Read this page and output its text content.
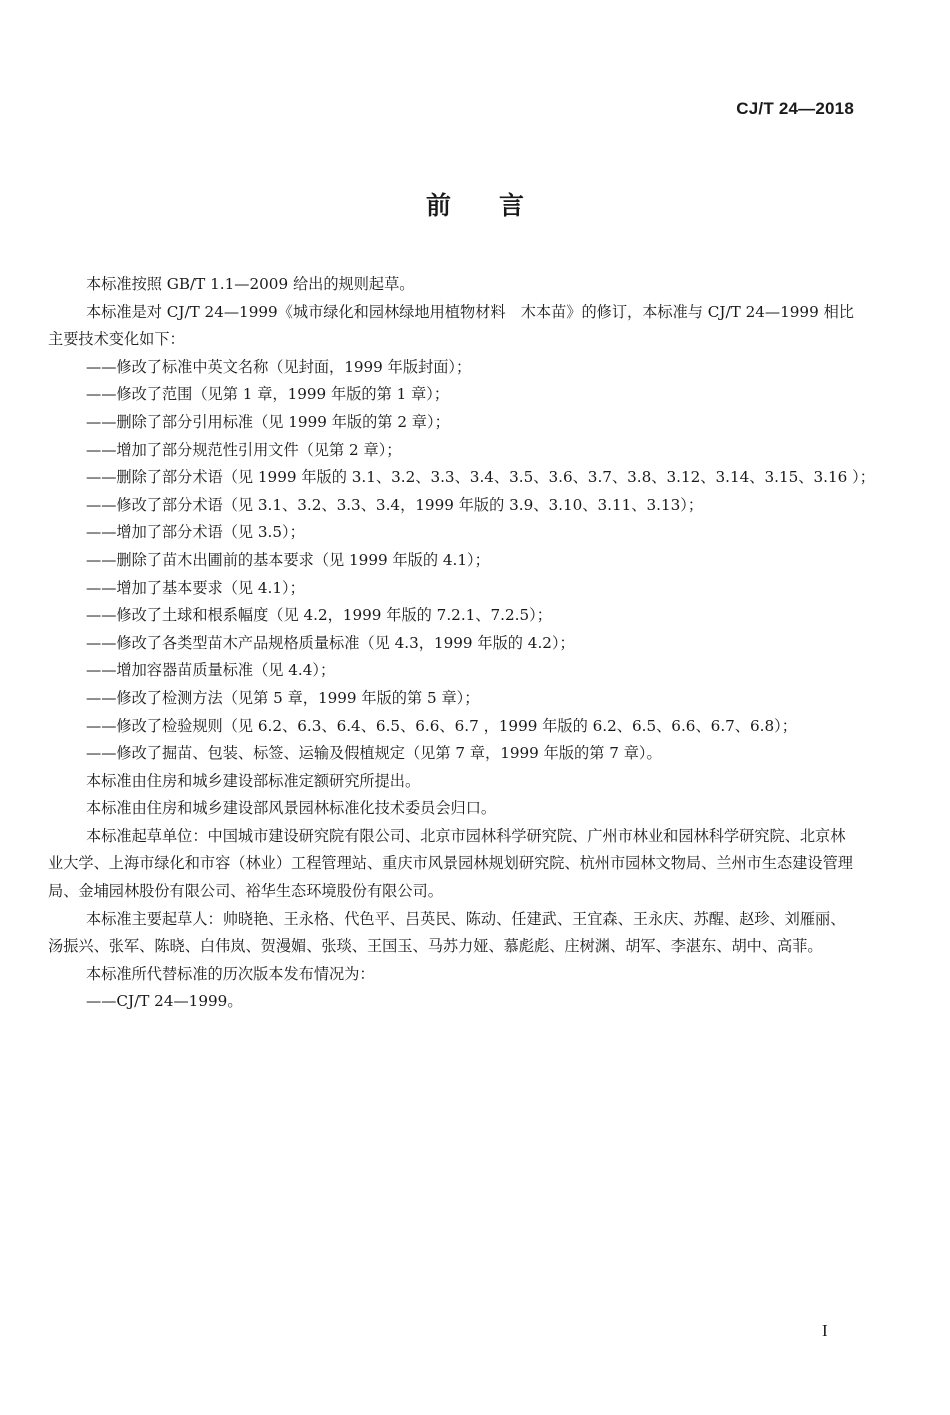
CJ/T 24—2018
前言

本标准按照 GB/T 1.1—2009 给出的规则起草。

本标准是对 CJ/T 24—1999《城市绿化和园林绿地用植物材料　木本苗》的修订，本标准与 CJ/T 24—1999 相比主要技术变化如下：

——修改了标准中英文名称（见封面，1999 年版封面）；

——修改了范围（见第 1 章，1999 年版的第 1 章）；

——删除了部分引用标准（见 1999 年版的第 2 章）；

——增加了部分规范性引用文件（见第 2 章）；

——删除了部分术语（见 1999 年版的 3.1、3.2、3.3、3.4、3.5、3.6、3.7、3.8、3.12、3.14、3.15、3.16 ）；

——修改了部分术语（见 3.1、3.2、3.3、3.4，1999 年版的 3.9、3.10、3.11、3.13）；

——增加了部分术语（见 3.5）；

——删除了苗木出圃前的基本要求（见 1999 年版的 4.1）；

——增加了基本要求（见 4.1）；

——修改了土球和根系幅度（见 4.2，1999 年版的 7.2.1、7.2.5）；

——修改了各类型苗木产品规格质量标准（见 4.3，1999 年版的 4.2）；

——增加容器苗质量标准（见 4.4）；

——修改了检测方法（见第 5 章，1999 年版的第 5 章）；

——修改了检验规则（见 6.2、6.3、6.4、6.5、6.6、6.7 ，1999 年版的 6.2、6.5、6.6、6.7、6.8）；

——修改了掘苗、包装、标签、运输及假植规定（见第 7 章，1999 年版的第 7 章）。

本标准由住房和城乡建设部标准定额研究所提出。

本标准由住房和城乡建设部风景园林标准化技术委员会归口。

本标准起草单位：中国城市建设研究院有限公司、北京市园林科学研究院、广州市林业和园林科学研究院、北京林业大学、上海市绿化和市容（林业）工程管理站、重庆市风景园林规划研究院、杭州市园林文物局、兰州市生态建设管理局、金埔园林股份有限公司、裕华生态环境股份有限公司。

本标准主要起草人：帅晓艳、王永格、代色平、吕英民、陈动、任建武、王宜森、王永庆、苏醒、赵珍、刘雁丽、汤振兴、张军、陈晓、白伟岚、贺漫媚、张琰、王国玉、马苏力娅、慕彪彪、庄树渊、胡军、李湛东、胡中、高菲。

本标准所代替标准的历次版本发布情况为：

——CJ/T 24—1999。

I
